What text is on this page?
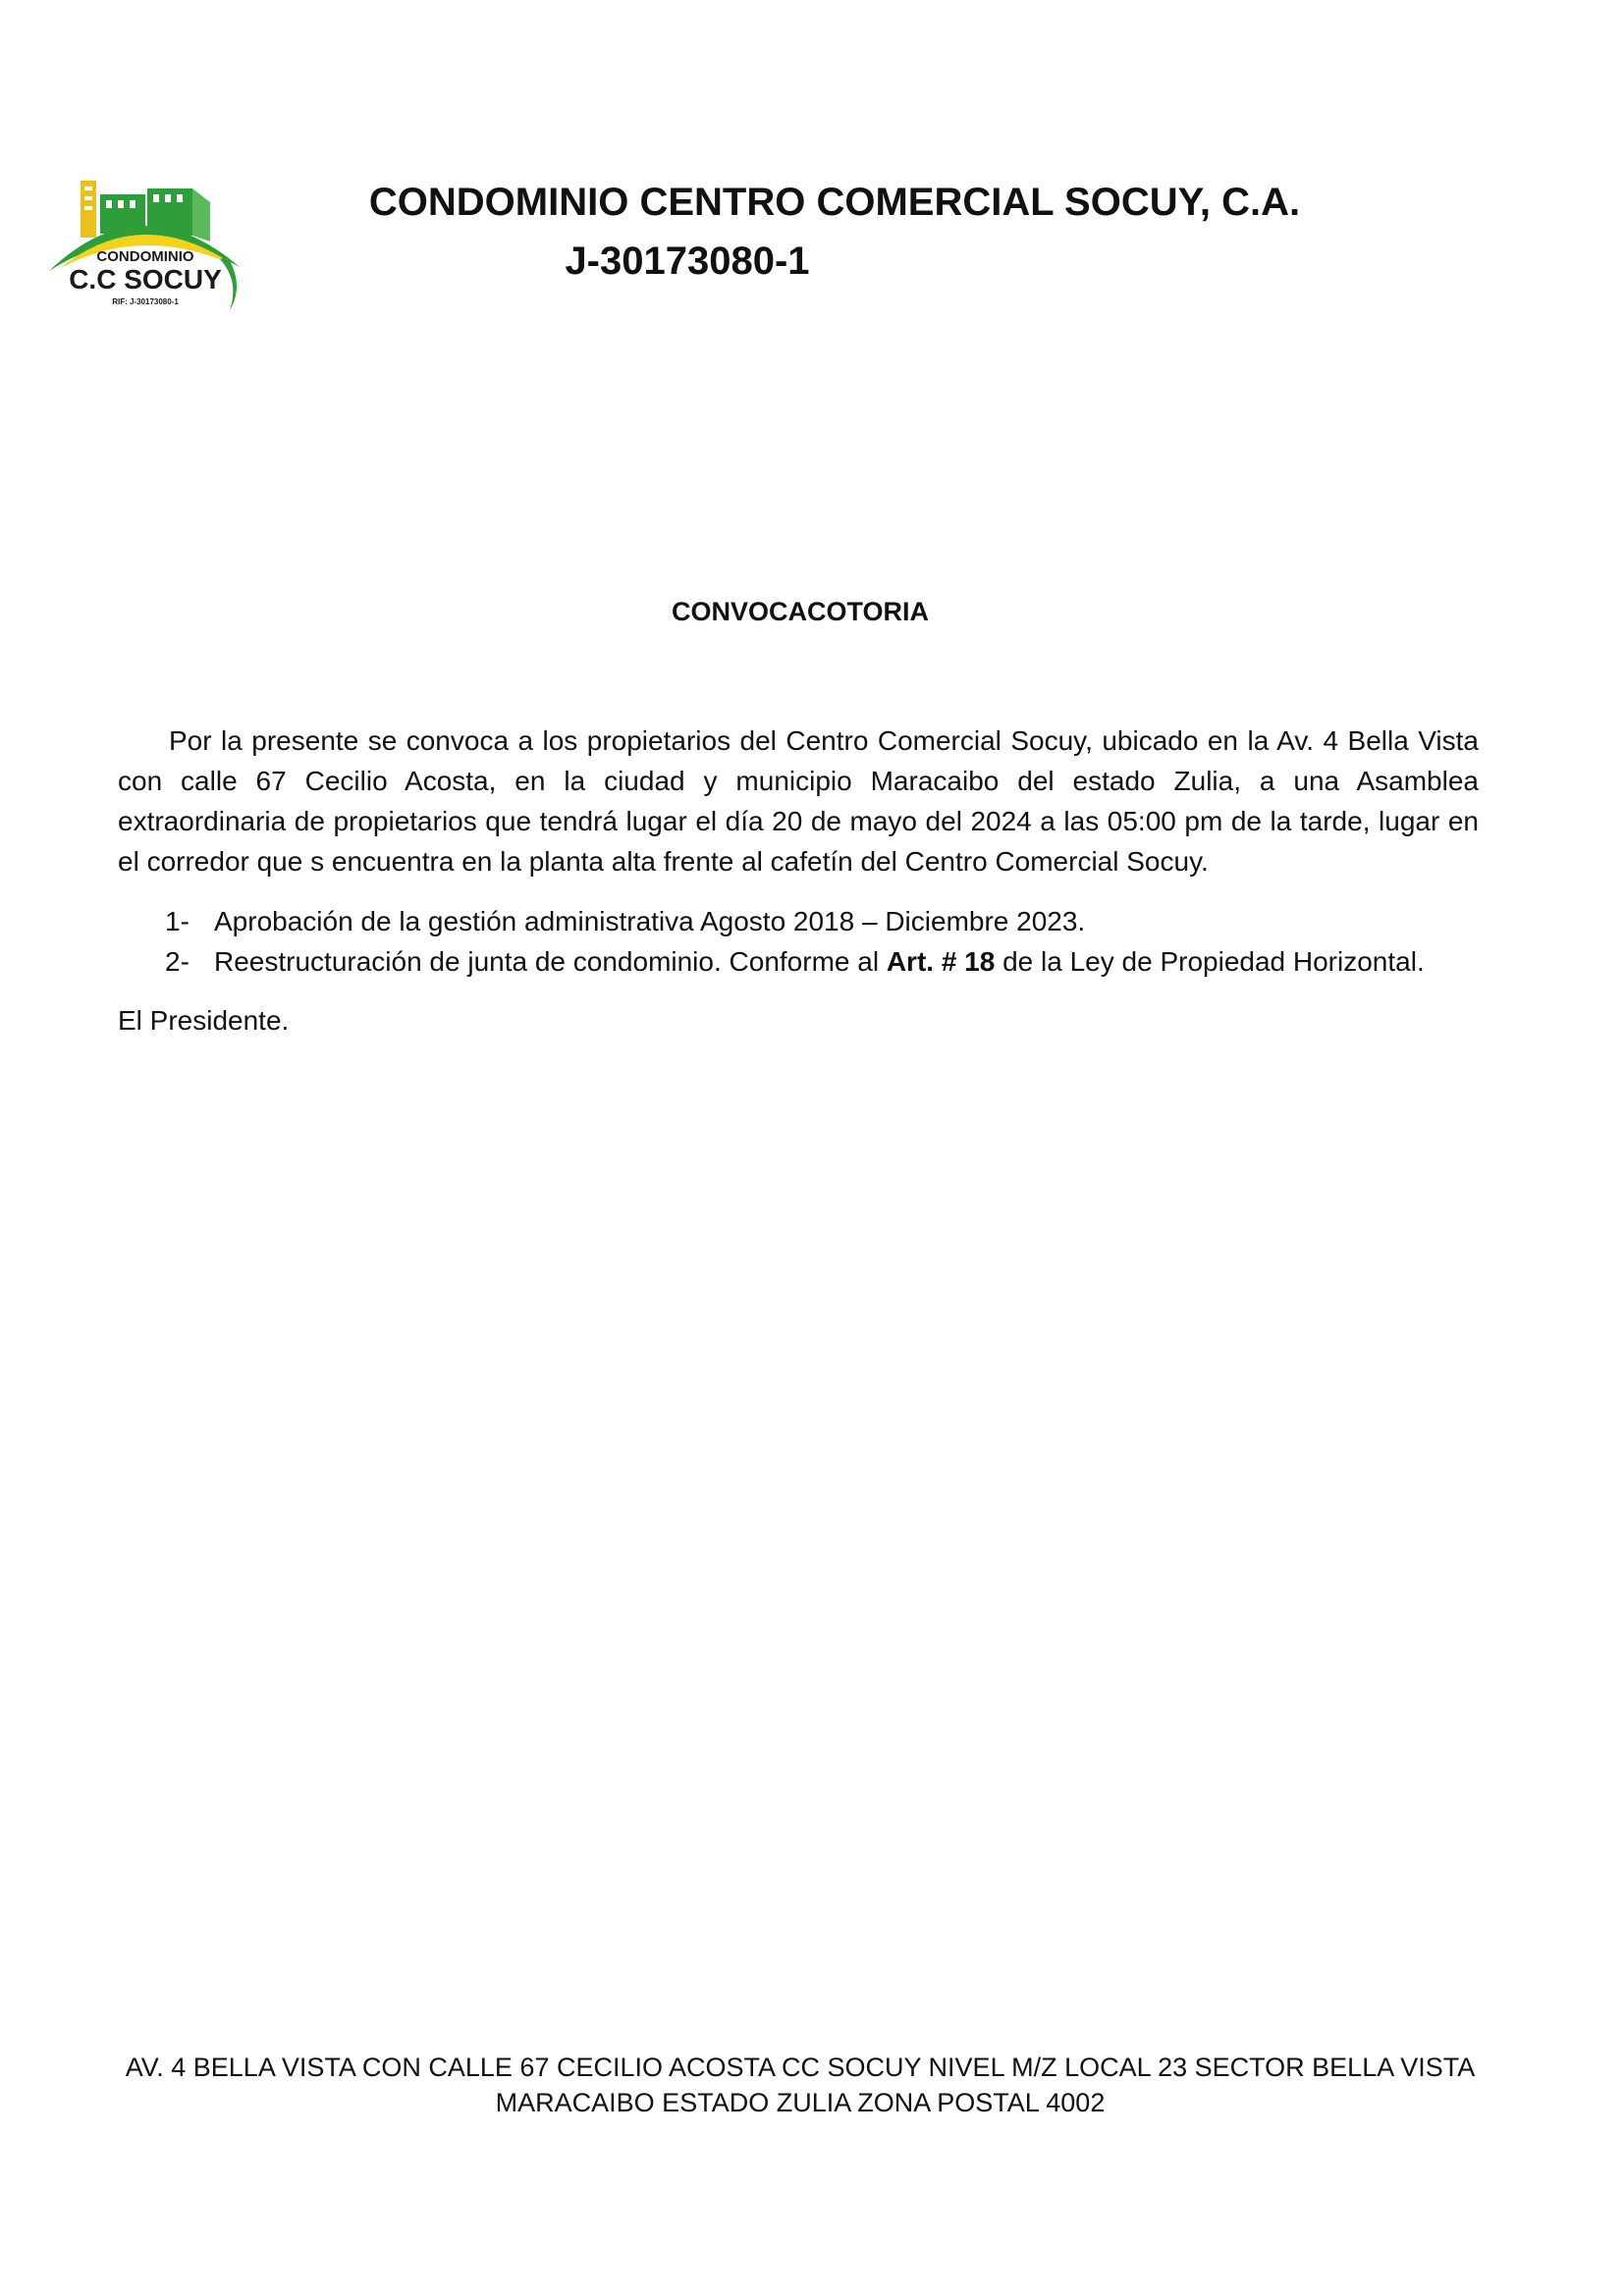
CONDOMINIO
C.C SOCUY
RIF: J-30173080-1
CONDOMINIO CENTRO COMERCIAL SOCUY, C.A.
J-30173080-1

CONVOCACOTORIA

Por la presente se convoca a los propietarios del Centro Comercial Socuy, ubicado en la Av. 4 Bella Vista con calle 67 Cecilio Acosta, en la ciudad y municipio Maracaibo del estado Zulia, a una Asamblea extraordinaria de propietarios que tendrá lugar el día 20 de mayo del 2024 a las 05:00 pm de la tarde, lugar en el corredor que s encuentra en la planta alta frente al cafetín del Centro Comercial Socuy.

1- Aprobación de la gestión administrativa Agosto 2018 – Diciembre 2023.
2- Reestructuración de junta de condominio. Conforme al Art. # 18 de la Ley de Propiedad Horizontal.

El Presidente.

AV. 4 BELLA VISTA CON CALLE 67 CECILIO ACOSTA CC SOCUY NIVEL M/Z LOCAL 23 SECTOR BELLA VISTA
MARACAIBO ESTADO ZULIA ZONA POSTAL 4002
